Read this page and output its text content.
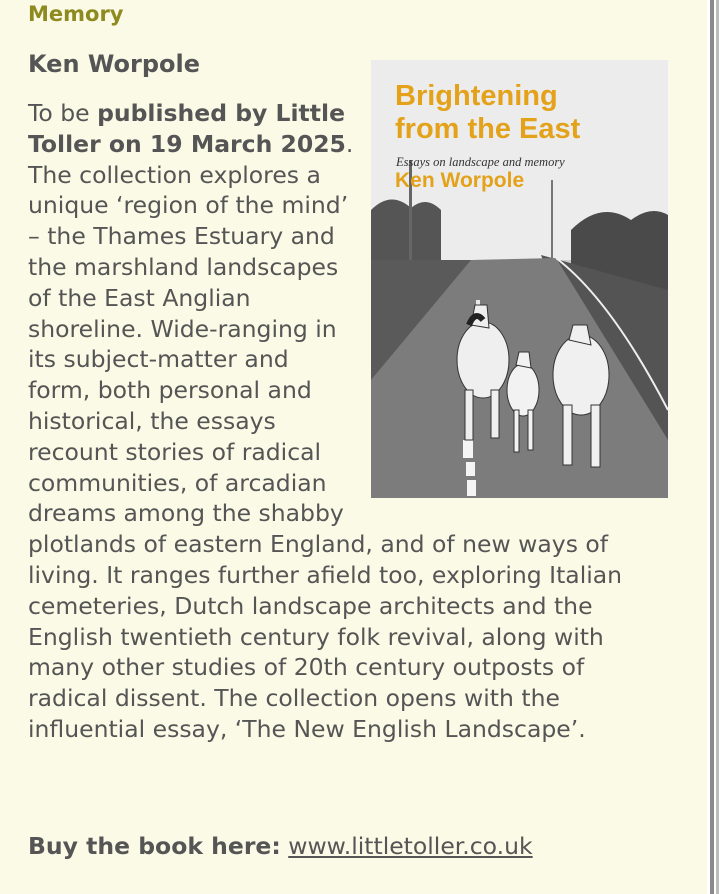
Memory
Ken Worpole
Brightening
from the East
Essays on landscape and memory
Ken Worpole
To be published by Little Toller on 19 March 2025. The collection explores a unique ‘region of the mind’ – the Thames Estuary and the marshland landscapes of the East Anglian shoreline. Wide-ranging in its subject-matter and form, both personal and historical, the essays recount stories of radical communities, of arcadian dreams among the shabby plotlands of eastern England, and of new ways of living. It ranges further afield too, exploring Italian cemeteries, Dutch landscape architects and the English twentieth century folk revival, along with many other studies of 20th century outposts of radical dissent. The collection opens with the influential essay, ‘The New English Landscape’.
Buy the book here: www.littletoller.co.uk
